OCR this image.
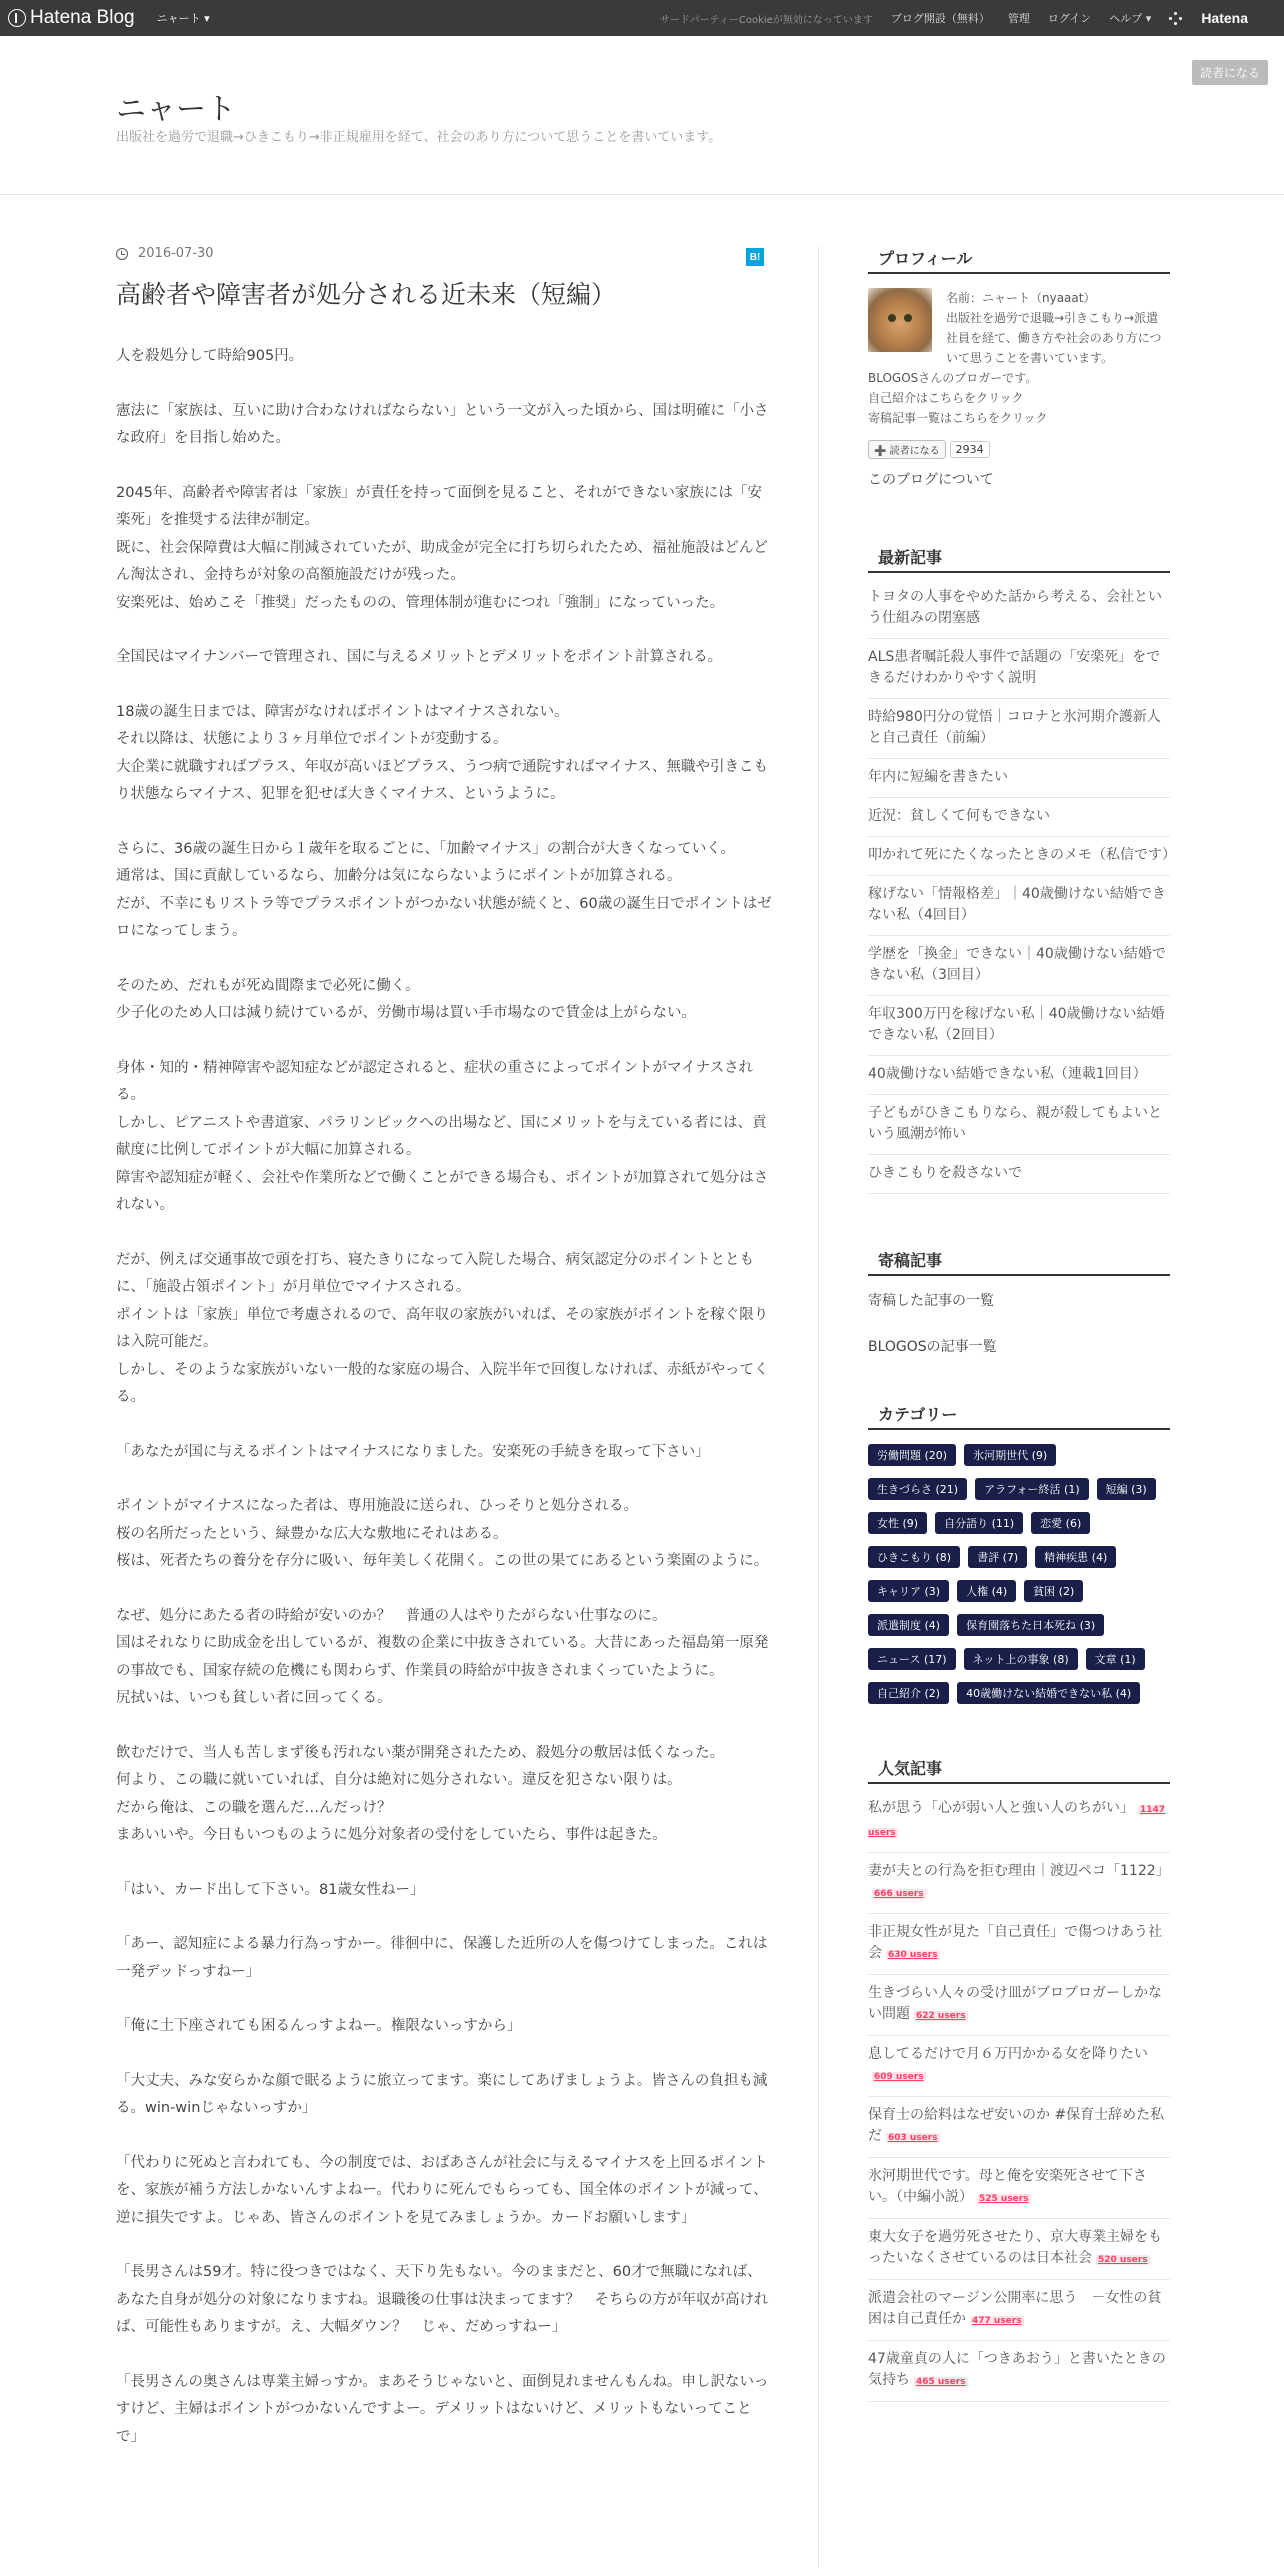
Hatena Blog ニャート ▾	サードパーティーCookieが無効になっています ブログ開設（無料） 管理 ログイン ヘルプ ▾	Hatena
ニャート
出版社を過労で退職→ひきこもり→非正規雇用を経て、社会のあり方について思うことを書いています。
読者になる
2016-07-30	B!
高齢者や障害者が処分される近未来（短編）

人を殺処分して時給905円。

憲法に「家族は、互いに助け合わなければならない」という一文が入った頃から、国は明確に「小さな政府」を目指し始めた。

2045年、高齢者や障害者は「家族」が責任を持って面倒を見ること、それができない家族には「安楽死」を推奨する法律が制定。
既に、社会保障費は大幅に削減されていたが、助成金が完全に打ち切られたため、福祉施設はどんどん淘汰され、金持ちが対象の高額施設だけが残った。
安楽死は、始めこそ「推奨」だったものの、管理体制が進むにつれ「強制」になっていった。

全国民はマイナンバーで管理され、国に与えるメリットとデメリットをポイント計算される。

18歳の誕生日までは、障害がなければポイントはマイナスされない。
それ以降は、状態により３ヶ月単位でポイントが変動する。
大企業に就職すればプラス、年収が高いほどプラス、うつ病で通院すればマイナス、無職や引きこもり状態ならマイナス、犯罪を犯せば大きくマイナス、というように。

さらに、36歳の誕生日から１歳年を取るごとに、「加齢マイナス」の割合が大きくなっていく。
通常は、国に貢献しているなら、加齢分は気にならないようにポイントが加算される。
だが、不幸にもリストラ等でプラスポイントがつかない状態が続くと、60歳の誕生日でポイントはゼロになってしまう。

そのため、だれもが死ぬ間際まで必死に働く。
少子化のため人口は減り続けているが、労働市場は買い手市場なので賃金は上がらない。

身体・知的・精神障害や認知症などが認定されると、症状の重さによってポイントがマイナスされる。
しかし、ピアニストや書道家、パラリンピックへの出場など、国にメリットを与えている者には、貢献度に比例してポイントが大幅に加算される。
障害や認知症が軽く、会社や作業所などで働くことができる場合も、ポイントが加算されて処分はされない。

だが、例えば交通事故で頭を打ち、寝たきりになって入院した場合、病気認定分のポイントとともに、「施設占領ポイント」が月単位でマイナスされる。
ポイントは「家族」単位で考慮されるので、高年収の家族がいれば、その家族がポイントを稼ぐ限りは入院可能だ。
しかし、そのような家族がいない一般的な家庭の場合、入院半年で回復しなければ、赤紙がやってくる。

「あなたが国に与えるポイントはマイナスになりました。安楽死の手続きを取って下さい」

ポイントがマイナスになった者は、専用施設に送られ、ひっそりと処分される。
桜の名所だったという、緑豊かな広大な敷地にそれはある。
桜は、死者たちの養分を存分に吸い、毎年美しく花開く。この世の果てにあるという楽園のように。

なぜ、処分にあたる者の時給が安いのか？　普通の人はやりたがらない仕事なのに。
国はそれなりに助成金を出しているが、複数の企業に中抜きされている。大昔にあった福島第一原発の事故でも、国家存続の危機にも関わらず、作業員の時給が中抜きされまくっていたように。
尻拭いは、いつも貧しい者に回ってくる。

飲むだけで、当人も苦しまず後も汚れない薬が開発されたため、殺処分の敷居は低くなった。
何より、この職に就いていれば、自分は絶対に処分されない。違反を犯さない限りは。
だから俺は、この職を選んだ…んだっけ？
まあいいや。今日もいつものように処分対象者の受付をしていたら、事件は起きた。

「はい、カード出して下さい。81歳女性ねー」

「あー、認知症による暴力行為っすかー。徘徊中に、保護した近所の人を傷つけてしまった。これは一発デッドっすねー」

「俺に土下座されても困るんっすよねー。権限ないっすから」

「大丈夫、みな安らかな顔で眠るように旅立ってます。楽にしてあげましょうよ。皆さんの負担も減る。win-winじゃないっすか」

「代わりに死ぬと言われても、今の制度では、おばあさんが社会に与えるマイナスを上回るポイントを、家族が補う方法しかないんすよねー。代わりに死んでもらっても、国全体のポイントが減って、逆に損失ですよ。じゃあ、皆さんのポイントを見てみましょうか。カードお願いします」

「長男さんは59才。特に役つきではなく、天下り先もない。今のままだと、60才で無職になれば、あなた自身が処分の対象になりますね。退職後の仕事は決まってます？　そちらの方が年収が高ければ、可能性もありますが。え、大幅ダウン？　じゃ、だめっすねー」

「長男さんの奥さんは専業主婦っすか。まあそうじゃないと、面倒見れませんもんね。申し訳ないっすけど、主婦はポイントがつかないんですよー。デメリットはないけど、メリットもないってことで」

プロフィール
名前：ニャート（nyaaat）
出版社を過労で退職→引きこもり→派遣社員を経て、働き方や社会のあり方について思うことを書いています。
BLOGOSさんのブロガーです。
自己紹介はこちらをクリック
寄稿記事一覧はこちらをクリック
➕ 読者になる	2934
このブログについて
最新記事
トヨタの人事をやめた話から考える、会社という仕組みの閉塞感
ALS患者嘱託殺人事件で話題の「安楽死」をできるだけわかりやすく説明
時給980円分の覚悟｜コロナと氷河期介護新人と自己責任（前編）
年内に短編を書きたい
近況：貧しくて何もできない
叩かれて死にたくなったときのメモ（私信です）
稼げない「情報格差」｜40歳働けない結婚できない私（4回目）
学歴を「換金」できない｜40歳働けない結婚できない私（3回目）
年収300万円を稼げない私｜40歳働けない結婚できない私（2回目）
40歳働けない結婚できない私（連載1回目）
子どもがひきこもりなら、親が殺してもよいという風潮が怖い
ひきこもりを殺さないで
寄稿記事
寄稿した記事の一覧
BLOGOSの記事一覧
カテゴリー
労働問題 (20)	氷河期世代 (9)
生きづらさ (21)	アラフォー終活 (1)	短編 (3)
女性 (9)	自分語り (11)	恋愛 (6)
ひきこもり (8)	書評 (7)	精神疾患 (4)
キャリア (3)	人権 (4)	貧困 (2)
派遣制度 (4)	保育園落ちた日本死ね (3)
ニュース (17)	ネット上の事象 (8)	文章 (1)
自己紹介 (2)	40歳働けない結婚できない私 (4)
人気記事
私が思う「心が弱い人と強い人のちがい」 1147 users
妻が夫との行為を拒む理由｜渡辺ペコ「1122」666 users
非正規女性が見た「自己責任」で傷つけあう社会 630 users
生きづらい人々の受け皿がブロブロガーしかない問題 622 users
息してるだけで月６万円かかる女を降りたい609 users
保育士の給料はなぜ安いのか #保育士辞めた私だ 603 users
氷河期世代です。母と俺を安楽死させて下さい。（中編小説） 525 users
東大女子を過労死させたり、京大専業主婦をもったいなくさせているのは日本社会 520 users
派遣会社のマージン公開率に思う　－女性の貧困は自己責任か 477 users
47歳童貞の人に「つきあおう」と書いたときの気持ち 465 users
